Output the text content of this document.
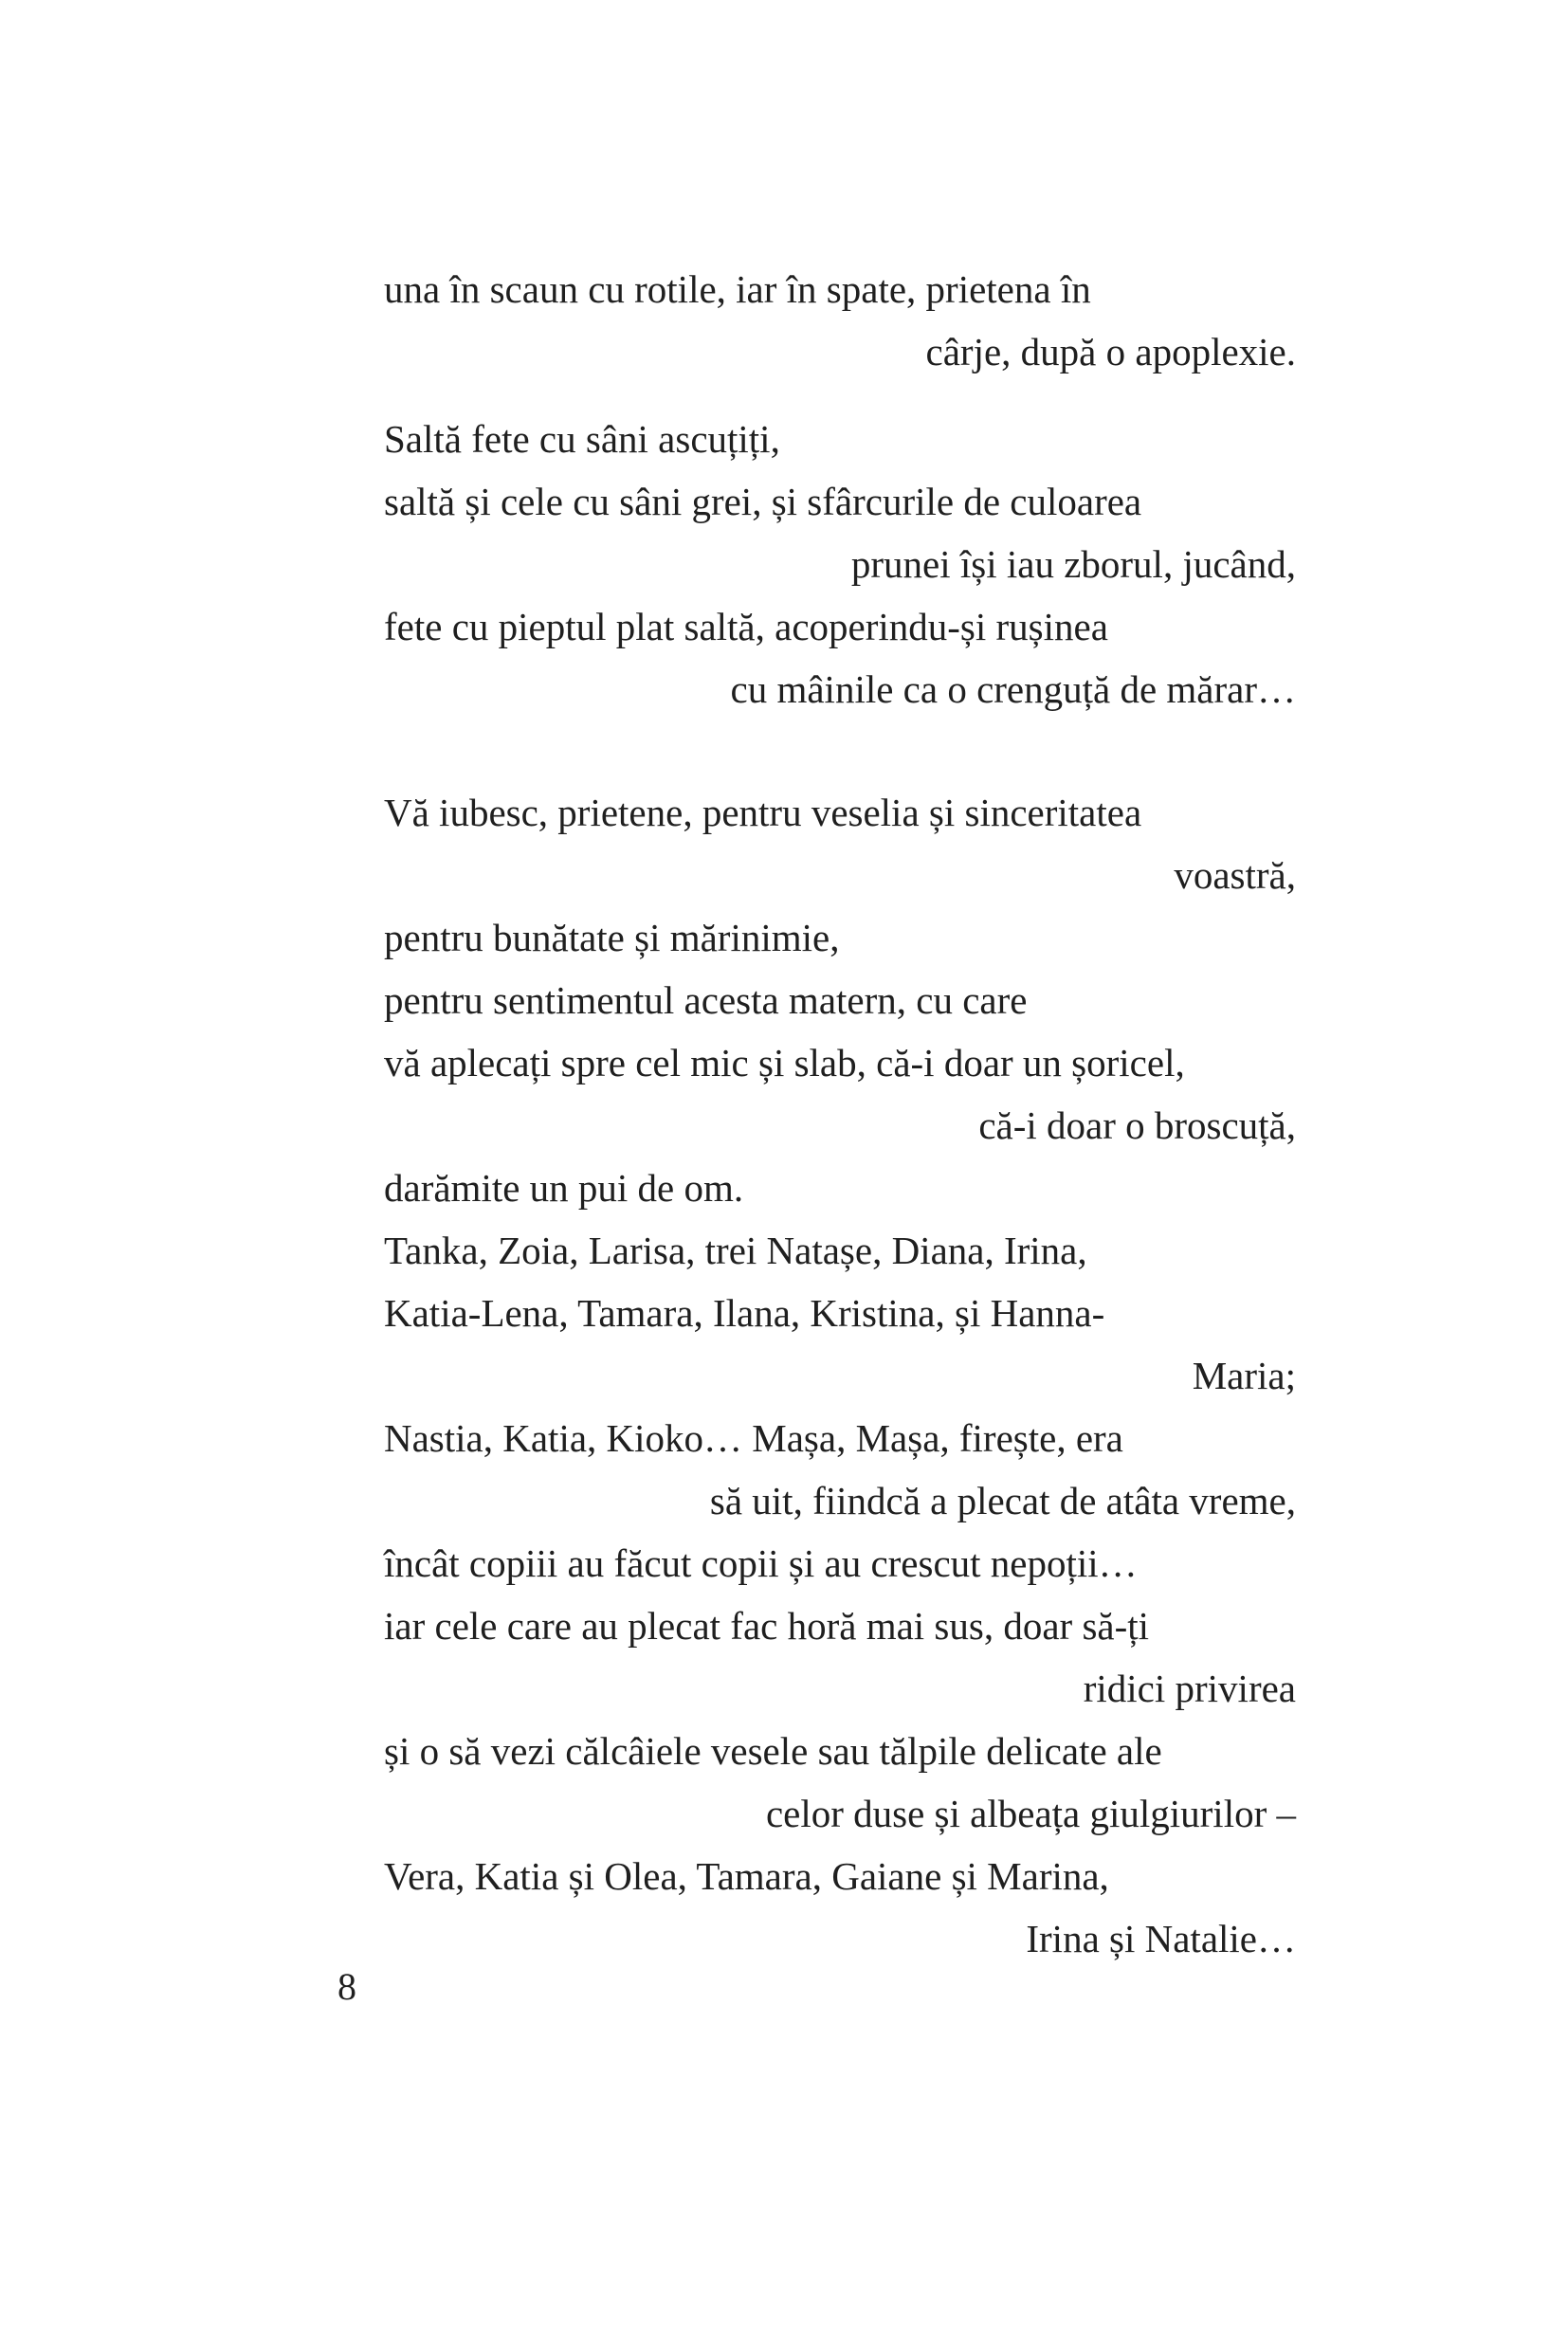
una în scaun cu rotile, iar în spate, prietena în
cârje, după o apoplexie.
Saltă fete cu sâni ascuțiți,
saltă și cele cu sâni grei, și sfârcurile de culoarea
prunei își iau zborul, jucând,
fete cu pieptul plat saltă, acoperindu-și rușinea
cu mâinile ca o crenguță de mărar…
Vă iubesc, prietene, pentru veselia și sinceritatea
voastră,
pentru bunătate și mărinimie,
pentru sentimentul acesta matern, cu care
vă aplecați spre cel mic și slab, că-i doar un șoricel,
că-i doar o broscuță,
darămite un pui de om.
Tanka, Zoia, Larisa, trei Natașe, Diana, Irina,
Katia-Lena, Tamara, Ilana, Kristina, și Hanna-
Maria;
Nastia, Katia, Kioko… Mașa, Mașa, firește, era
să uit, fiindcă a plecat de atâta vreme,
încât copiii au făcut copii și au crescut nepoții…
iar cele care au plecat fac horă mai sus, doar să-ți
ridici privirea
și o să vezi călcâiele vesele sau tălpile delicate ale
celor duse și albeața giulgiurilor –
Vera, Katia și Olea, Tamara, Gaiane și Marina,
Irina și Natalie…
8
